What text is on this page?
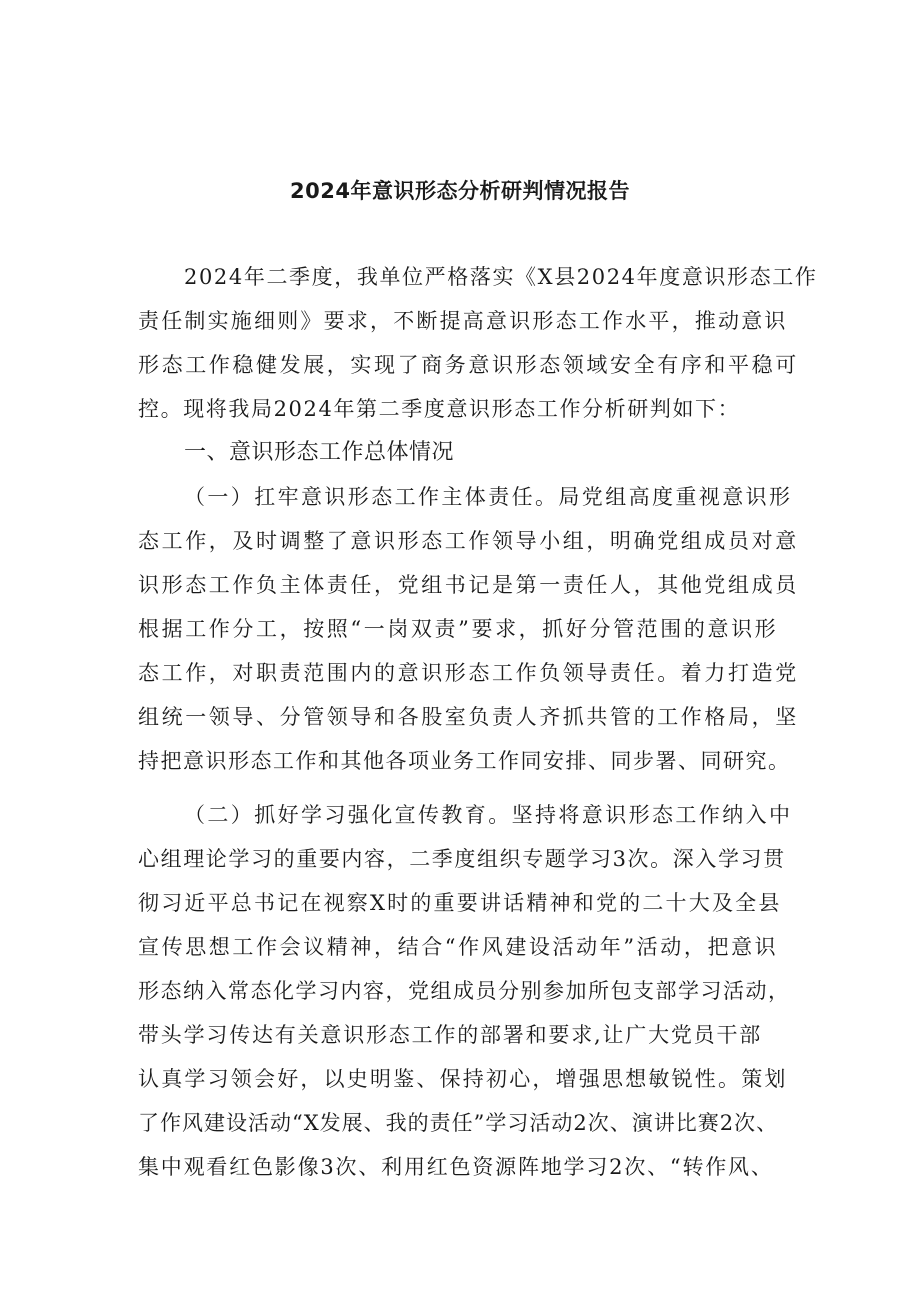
2024年意识形态分析研判情况报告
2024年二季度，我单位严格落实《X县2024年度意识形态工作
责任制实施细则》要求，不断提高意识形态工作水平，推动意识
形态工作稳健发展，实现了商务意识形态领域安全有序和平稳可
控。现将我局2024年第二季度意识形态工作分析研判如下：
一、意识形态工作总体情况
（一）扛牢意识形态工作主体责任。局党组高度重视意识形
态工作，及时调整了意识形态工作领导小组，明确党组成员对意
识形态工作负主体责任，党组书记是第一责任人，其他党组成员
根据工作分工，按照“一岗双责”要求，抓好分管范围的意识形
态工作，对职责范围内的意识形态工作负领导责任。着力打造党
组统一领导、分管领导和各股室负责人齐抓共管的工作格局，坚
持把意识形态工作和其他各项业务工作同安排、同步署、同研究。
（二）抓好学习强化宣传教育。坚持将意识形态工作纳入中
心组理论学习的重要内容，二季度组织专题学习3次。深入学习贯
彻习近平总书记在视察X时的重要讲话精神和党的二十大及全县
宣传思想工作会议精神，结合“作风建设活动年”活动，把意识
形态纳入常态化学习内容，党组成员分别参加所包支部学习活动，
带头学习传达有关意识形态工作的部署和要求,让广大党员干部
认真学习领会好，以史明鉴、保持初心，增强思想敏锐性。策划
了作风建设活动“X发展、我的责任”学习活动2次、演讲比赛2次、
集中观看红色影像3次、利用红色资源阵地学习2次、“转作风、
